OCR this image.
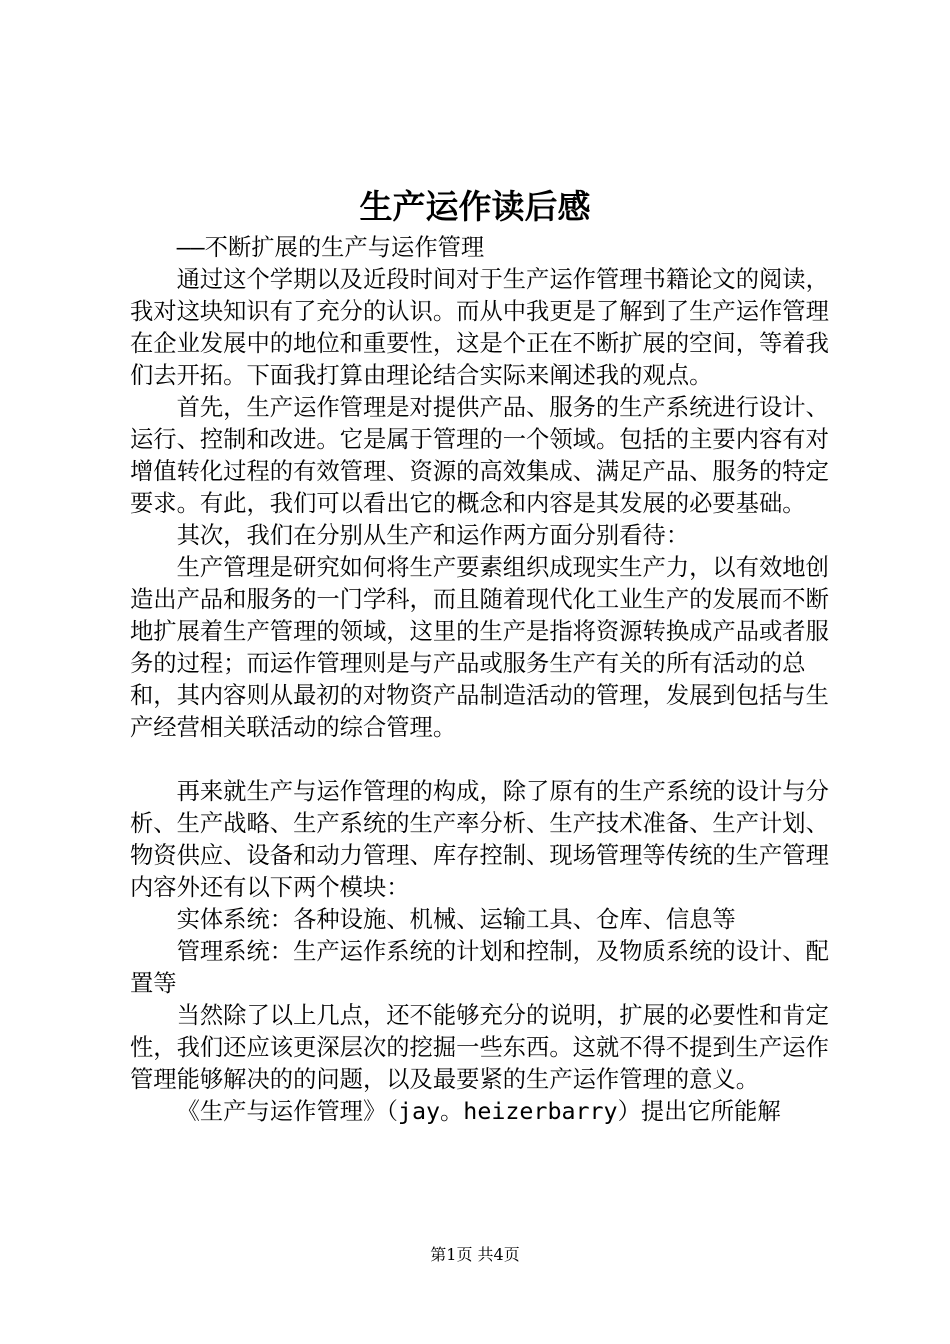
生产运作读后感

——不断扩展的生产与运作管理

通过这个学期以及近段时间对于生产运作管理书籍论文的阅读，我对这块知识有了充分的认识。而从中我更是了解到了生产运作管理在企业发展中的地位和重要性，这是个正在不断扩展的空间，等着我们去开拓。下面我打算由理论结合实际来阐述我的观点。

首先，生产运作管理是对提供产品、服务的生产系统进行设计、运行、控制和改进。它是属于管理的一个领域。包括的主要内容有对增值转化过程的有效管理、资源的高效集成、满足产品、服务的特定要求。有此，我们可以看出它的概念和内容是其发展的必要基础。

其次，我们在分别从生产和运作两方面分别看待：

生产管理是研究如何将生产要素组织成现实生产力，以有效地创造出产品和服务的一门学科，而且随着现代化工业生产的发展而不断地扩展着生产管理的领域，这里的生产是指将资源转换成产品或者服务的过程；而运作管理则是与产品或服务生产有关的所有活动的总和，其内容则从最初的对物资产品制造活动的管理，发展到包括与生产经营相关联活动的综合管理。

再来就生产与运作管理的构成，除了原有的生产系统的设计与分析、生产战略、生产系统的生产率分析、生产技术准备、生产计划、物资供应、设备和动力管理、库存控制、现场管理等传统的生产管理内容外还有以下两个模块：

实体系统：各种设施、机械、运输工具、仓库、信息等

管理系统：生产运作系统的计划和控制，及物质系统的设计、配置等

当然除了以上几点，还不能够充分的说明，扩展的必要性和肯定性，我们还应该更深层次的挖掘一些东西。这就不得不提到生产运作管理能够解决的的问题，以及最要紧的生产运作管理的意义。

《生产与运作管理》（jay。heizerbarry）提出它所能解

第1页 共4页
